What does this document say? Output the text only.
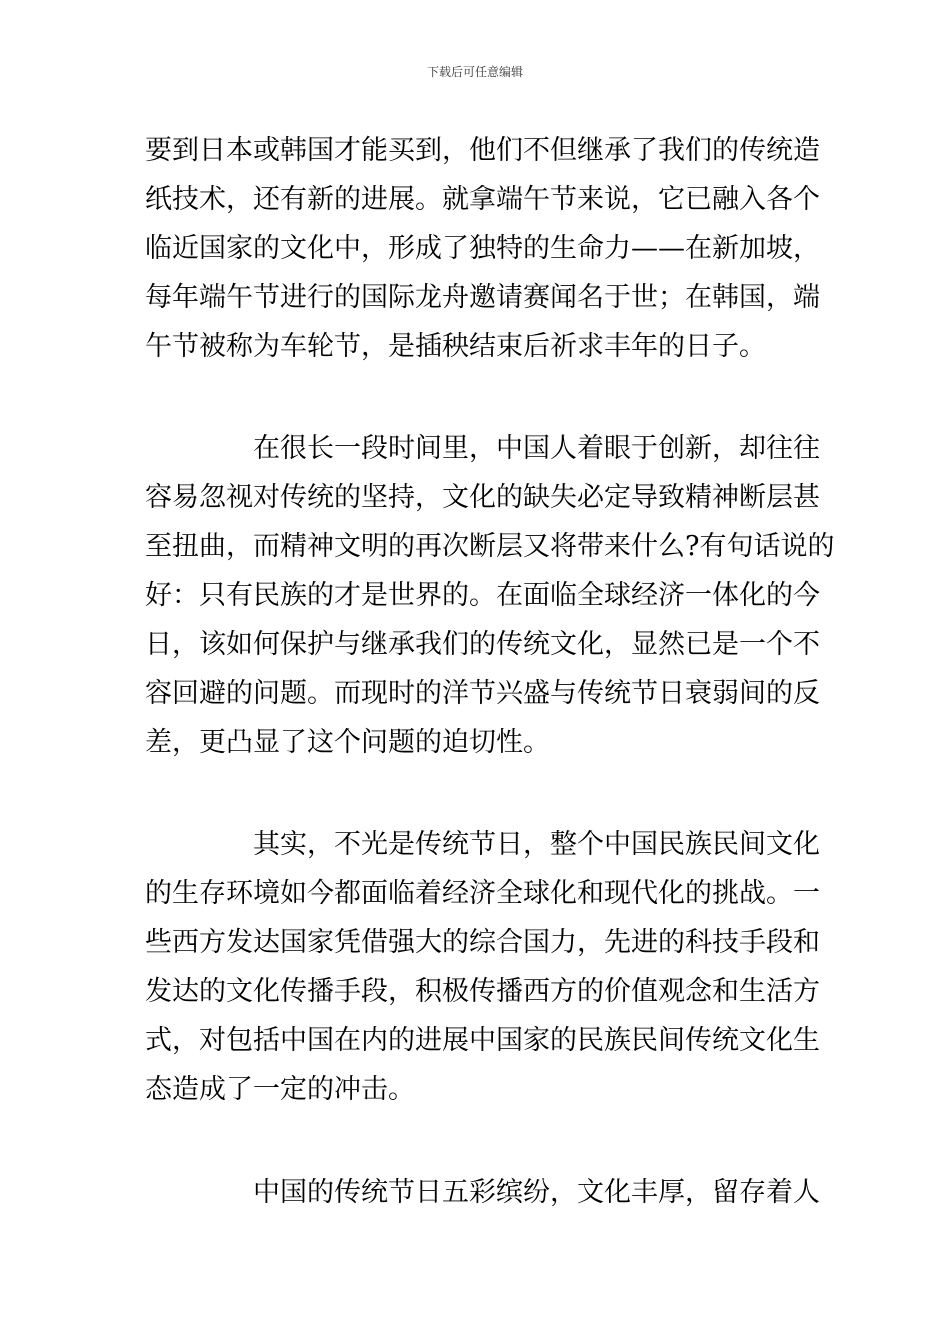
下载后可任意编辑
要到日本或韩国才能买到，他们不但继承了我们的传统造
纸技术，还有新的进展。就拿端午节来说，它已融入各个
临近国家的文化中，形成了独特的生命力——在新加坡，
每年端午节进行的国际龙舟邀请赛闻名于世；在韩国，端
午节被称为车轮节，是插秧结束后祈求丰年的日子。
在很长一段时间里，中国人着眼于创新，却往往
容易忽视对传统的坚持，文化的缺失必定导致精神断层甚
至扭曲，而精神文明的再次断层又将带来什么?有句话说的
好：只有民族的才是世界的。在面临全球经济一体化的今
日，该如何保护与继承我们的传统文化，显然已是一个不
容回避的问题。而现时的洋节兴盛与传统节日衰弱间的反
差，更凸显了这个问题的迫切性。
其实，不光是传统节日，整个中国民族民间文化
的生存环境如今都面临着经济全球化和现代化的挑战。一
些西方发达国家凭借强大的综合国力，先进的科技手段和
发达的文化传播手段，积极传播西方的价值观念和生活方
式，对包括中国在内的进展中国家的民族民间传统文化生
态造成了一定的冲击。
中国的传统节日五彩缤纷，文化丰厚，留存着人
